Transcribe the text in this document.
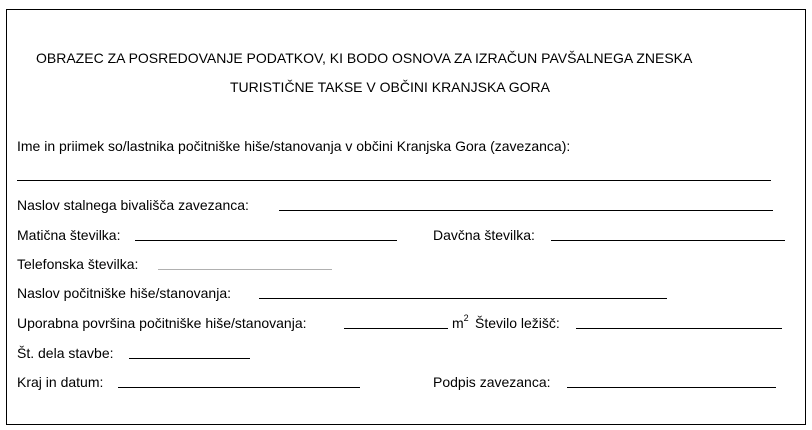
OBRAZEC ZA POSREDOVANJE PODATKOV, KI BODO OSNOVA ZA IZRAČUN PAVŠALNEGA ZNESKA
TURISTIČNE TAKSE V OBČINI KRANJSKA GORA
Ime in priimek so/lastnika počitniške hiše/stanovanja v občini Kranjska Gora (zavezanca):
Naslov stalnega bivališča zavezanca:
Matična številka:	Davčna številka:
Telefonska številka:
Naslov počitniške hiše/stanovanja:
Uporabna površina počitniške hiše/stanovanja:	$m^2$ Število ležišč:
Št. dela stavbe:
Kraj in datum:	Podpis zavezanca:
